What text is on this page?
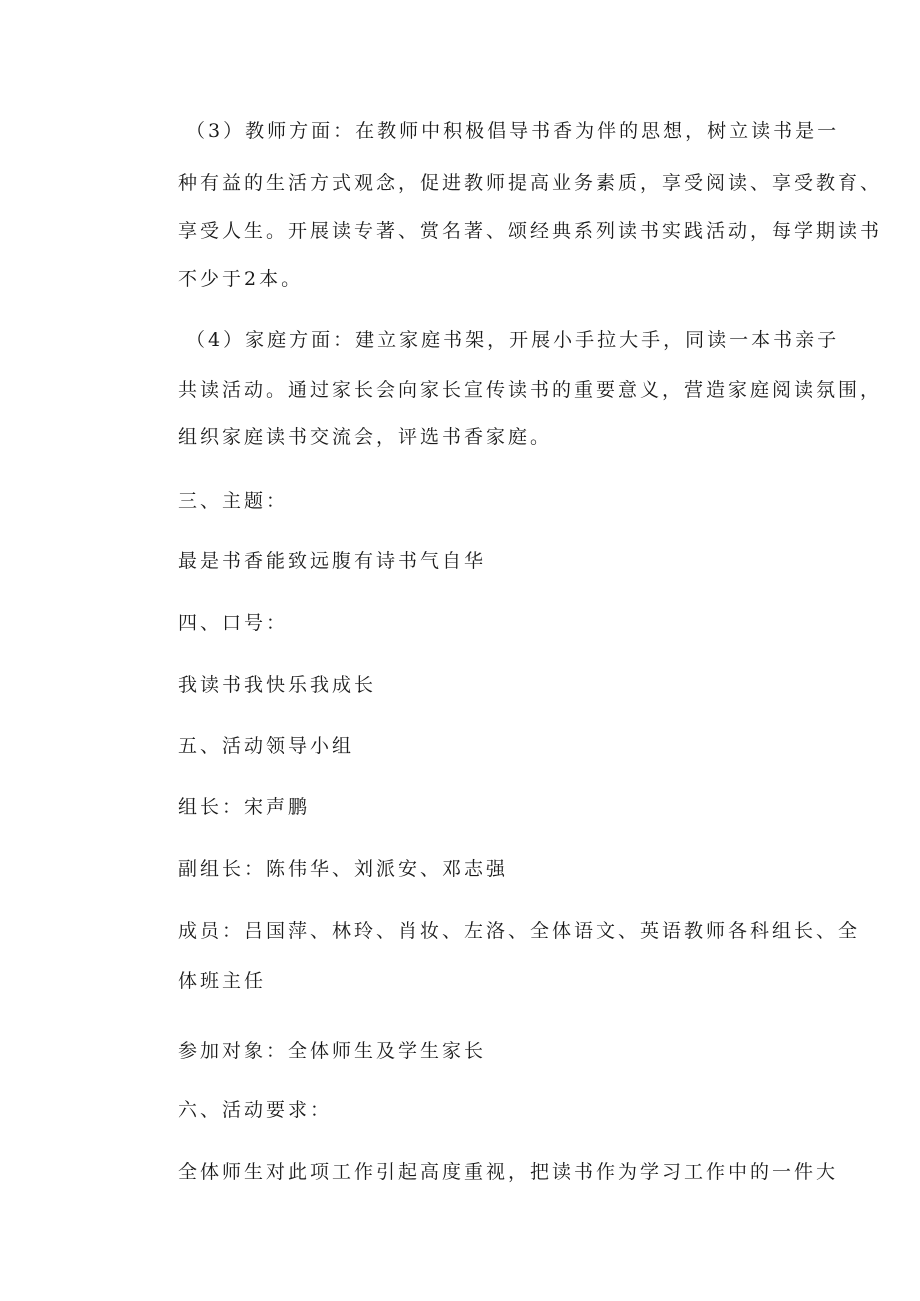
（3）教师方面：在教师中积极倡导书香为伴的思想，树立读书是一
种有益的生活方式观念，促进教师提高业务素质，享受阅读、享受教育、
享受人生。开展读专著、赏名著、颂经典系列读书实践活动，每学期读书
不少于2本。
（4）家庭方面：建立家庭书架，开展小手拉大手，同读一本书亲子
共读活动。通过家长会向家长宣传读书的重要意义，营造家庭阅读氛围，
组织家庭读书交流会，评选书香家庭。
三、主题：
最是书香能致远腹有诗书气自华
四、口号：
我读书我快乐我成长
五、活动领导小组
组长：宋声鹏
副组长：陈伟华、刘派安、邓志强
成员：吕国萍、林玲、肖妆、左洛、全体语文、英语教师各科组长、全
体班主任
参加对象：全体师生及学生家长
六、活动要求：
全体师生对此项工作引起高度重视，把读书作为学习工作中的一件大
